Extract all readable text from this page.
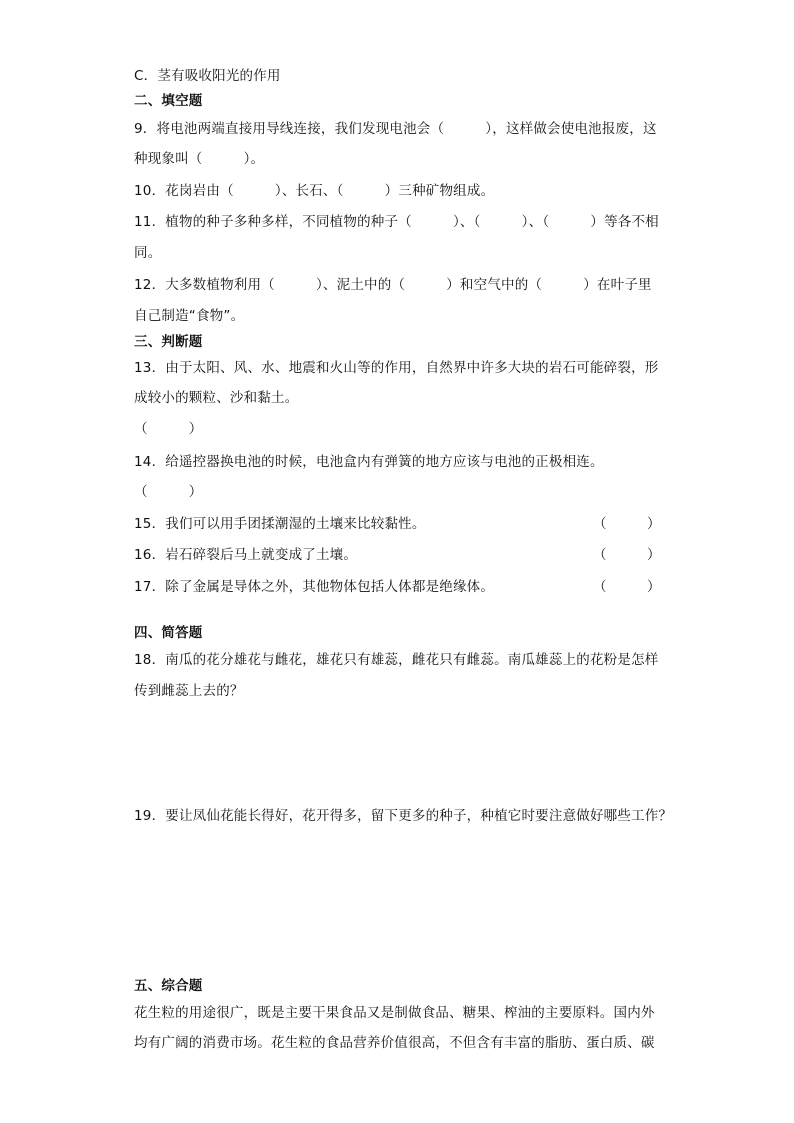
C．茎有吸收阳光的作用
二、填空题
9．将电池两端直接用导线连接，我们发现电池会（　　　），这样做会使电池报废，这
种现象叫（　　　）。
10．花岗岩由（　　　）、长石、（　　　）三种矿物组成。
11．植物的种子多种多样，不同植物的种子（　　　）、（　　　）、（　　　）等各不相
同。
12．大多数植物利用（　　　）、泥土中的（　　　）和空气中的（　　　）在叶子里
自己制造“食物”。
三、判断题
13．由于太阳、风、水、地震和火山等的作用，自然界中许多大块的岩石可能碎裂，形
成较小的颗粒、沙和黏土。
（　　　）
14．给遥控器换电池的时候，电池盒内有弹簧的地方应该与电池的正极相连。
（　　　）
15．我们可以用手团揉潮湿的土壤来比较黏性。	（　　　）
16．岩石碎裂后马上就变成了土壤。	（　　　）
17．除了金属是导体之外，其他物体包括人体都是绝缘体。	（　　　）
四、简答题
18．南瓜的花分雄花与雌花，雄花只有雄蕊，雌花只有雌蕊。南瓜雄蕊上的花粉是怎样
传到雌蕊上去的？
19．要让凤仙花能长得好，花开得多，留下更多的种子，种植它时要注意做好哪些工作？
五、综合题
花生粒的用途很广，既是主要干果食品又是制做食品、糖果、榨油的主要原料。国内外
均有广阔的消费市场。花生粒的食品营养价值很高，不但含有丰富的脂肪、蛋白质、碳
